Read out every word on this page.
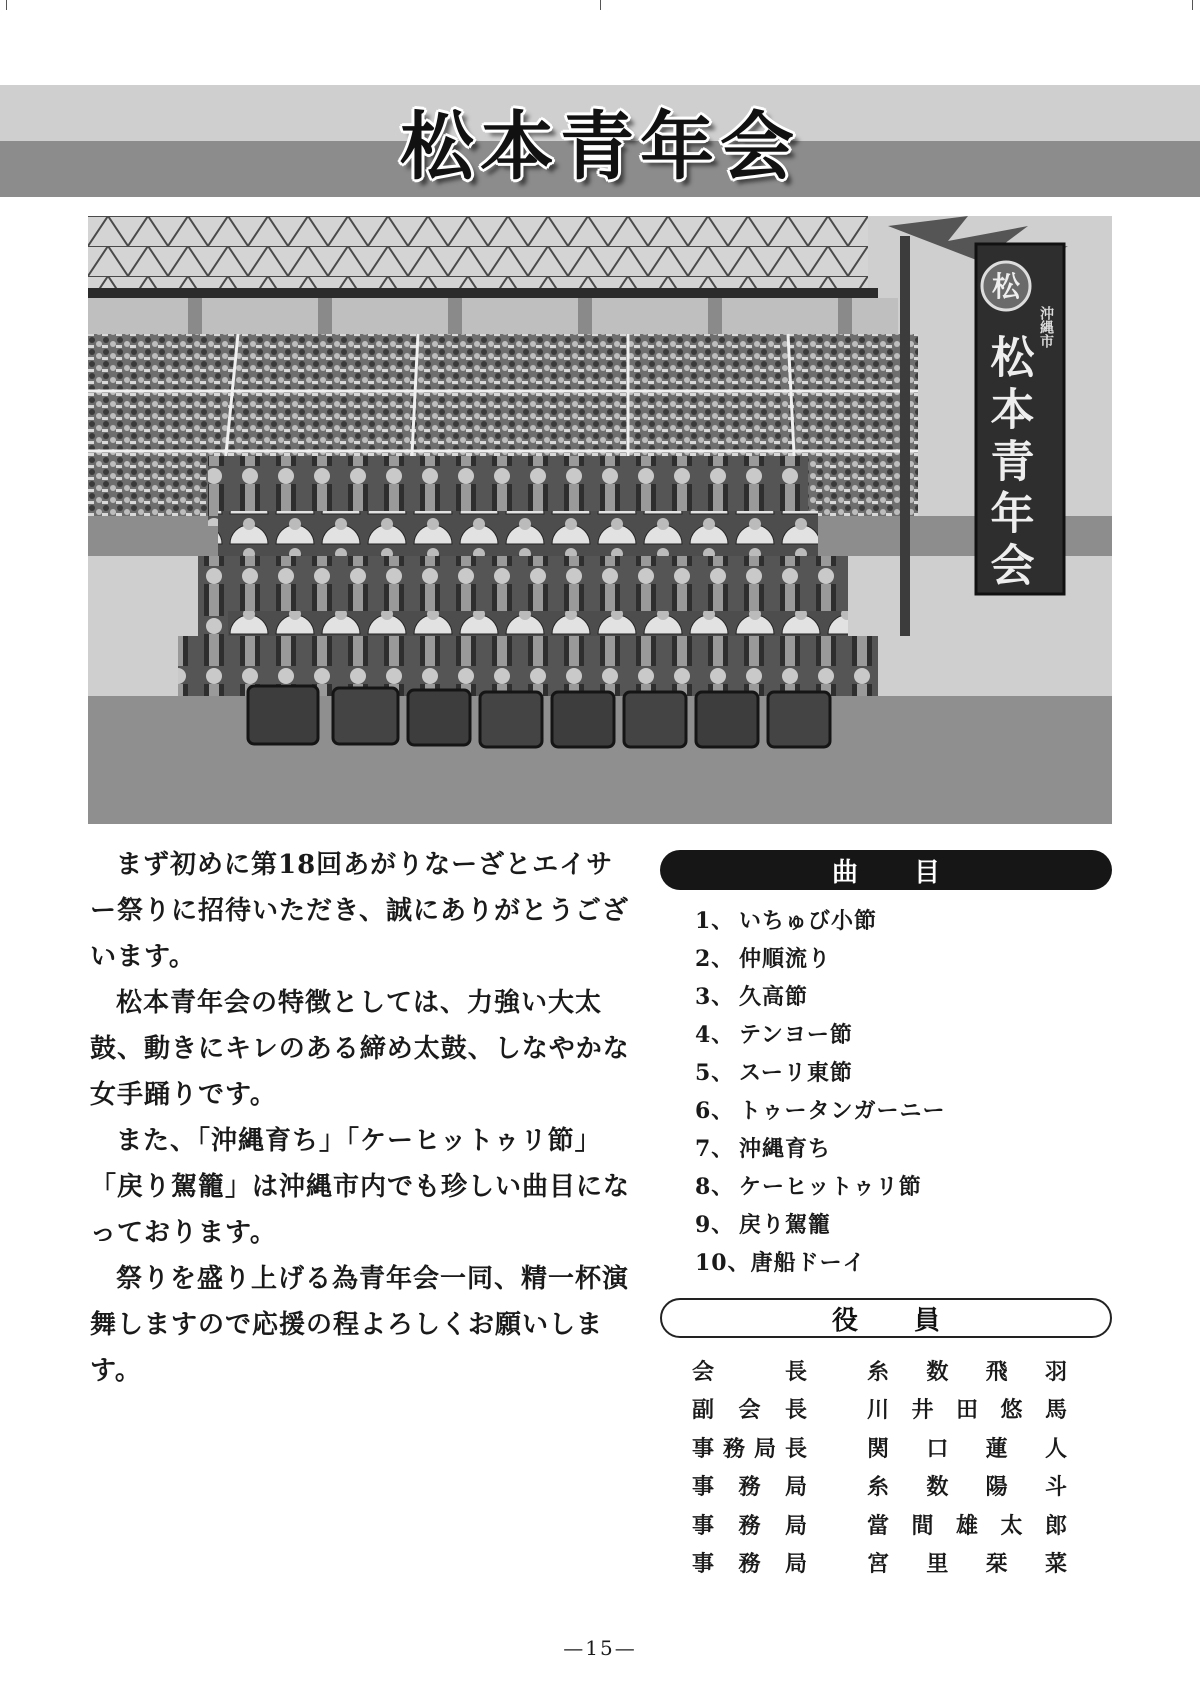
松本青年会
松
沖縄市
松本青年会

まず初めに第18回あがりなーざとエイサー祭りに招待いただき、誠にありがとうございます。

松本青年会の特徴としては、力強い大太鼓、動きにキレのある締め太鼓、しなやかな女手踊りです。

また、「沖縄育ち」「ケーヒットゥリ節」「戻り駕籠」は沖縄市内でも珍しい曲目になっております。

祭りを盛り上げる為青年会一同、精一杯演舞しますので応援の程よろしくお願いします。

曲目
1、 いちゅび小節
2、 仲順流り
3、 久高節
4、 テンヨー節
5、 スーリ東節
6、 トゥータンガーニー
7、 沖縄育ち
8、 ケーヒットゥリ節
9、 戻り駕籠
10、唐船ドーイ
役員
会	長	糸 数 飛 羽
副 会 長	川 井 田 悠 馬
事 務 局 長	関 口 蓮 人
事 務 局	糸 数 陽 斗
事 務 局	當 間 雄 太 郎
事 務 局	宮 里 栞 菜
—15—
